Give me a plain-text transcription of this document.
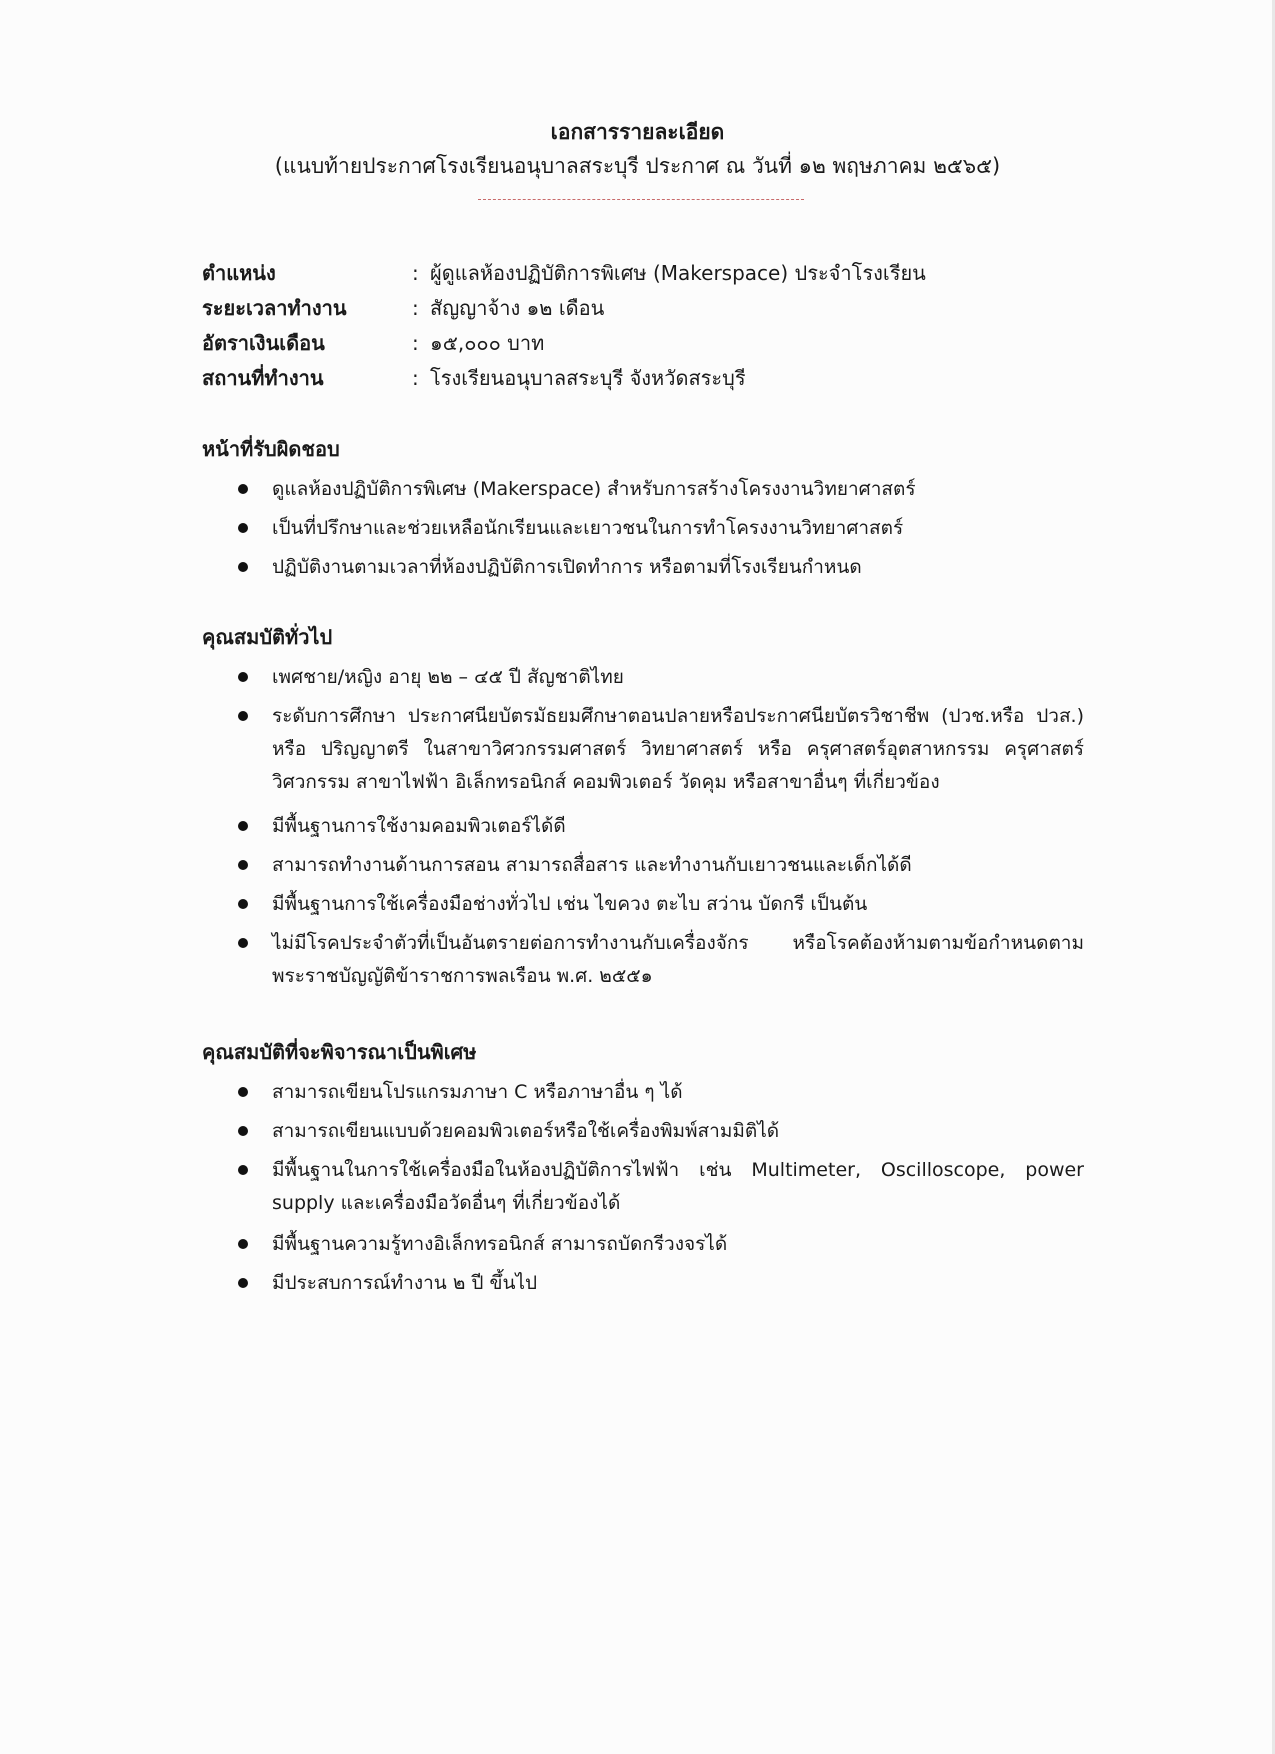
เอกสารรายละเอียด
(แนบท้ายประกาศโรงเรียนอนุบาลสระบุรี ประกาศ ณ วันที่ ๑๒ พฤษภาคม ๒๕๖๕)
ตำแหน่ง	: ผู้ดูแลห้องปฏิบัติการพิเศษ (Makerspace) ประจำโรงเรียน
ระยะเวลาทำงาน	: สัญญาจ้าง ๑๒ เดือน
อัตราเงินเดือน	: ๑๕,๐๐๐ บาท
สถานที่ทำงาน	: โรงเรียนอนุบาลสระบุรี จังหวัดสระบุรี
หน้าที่รับผิดชอบ
ดูแลห้องปฏิบัติการพิเศษ (Makerspace) สำหรับการสร้างโครงงานวิทยาศาสตร์
เป็นที่ปรึกษาและช่วยเหลือนักเรียนและเยาวชนในการทำโครงงานวิทยาศาสตร์
ปฏิบัติงานตามเวลาที่ห้องปฏิบัติการเปิดทำการ หรือตามที่โรงเรียนกำหนด
คุณสมบัติทั่วไป
เพศชาย/หญิง อายุ ๒๒ – ๔๕ ปี สัญชาติไทย
ระดับการศึกษา ประกาศนียบัตรมัธยมศึกษาตอนปลายหรือประกาศนียบัตรวิชาชีพ (ปวช.หรือ ปวส.) หรือ ปริญญาตรี ในสาขาวิศวกรรมศาสตร์ วิทยาศาสตร์ หรือ ครุศาสตร์อุตสาหกรรม ครุศาสตร์วิศวกรรม สาขาไฟฟ้า อิเล็กทรอนิกส์ คอมพิวเตอร์ วัดคุม หรือสาขาอื่นๆ ที่เกี่ยวข้อง
มีพื้นฐานการใช้งามคอมพิวเตอร์ได้ดี
สามารถทำงานด้านการสอน สามารถสื่อสาร และทำงานกับเยาวชนและเด็กได้ดี
มีพื้นฐานการใช้เครื่องมือช่างทั่วไป เช่น ไขควง ตะไบ สว่าน บัดกรี เป็นต้น
ไม่มีโรคประจำตัวที่เป็นอันตรายต่อการทำงานกับเครื่องจักร หรือโรคต้องห้ามตามข้อกำหนดตาม พระราชบัญญัติข้าราชการพลเรือน พ.ศ. ๒๕๕๑
คุณสมบัติที่จะพิจารณาเป็นพิเศษ
สามารถเขียนโปรแกรมภาษา C หรือภาษาอื่น ๆ ได้
สามารถเขียนแบบด้วยคอมพิวเตอร์หรือใช้เครื่องพิมพ์สามมิติได้
มีพื้นฐานในการใช้เครื่องมือในห้องปฏิบัติการไฟฟ้า เช่น Multimeter, Oscilloscope, power supply และเครื่องมือวัดอื่นๆ ที่เกี่ยวข้องได้
มีพื้นฐานความรู้ทางอิเล็กทรอนิกส์ สามารถบัดกรีวงจรได้
มีประสบการณ์ทำงาน ๒ ปี ขึ้นไป
